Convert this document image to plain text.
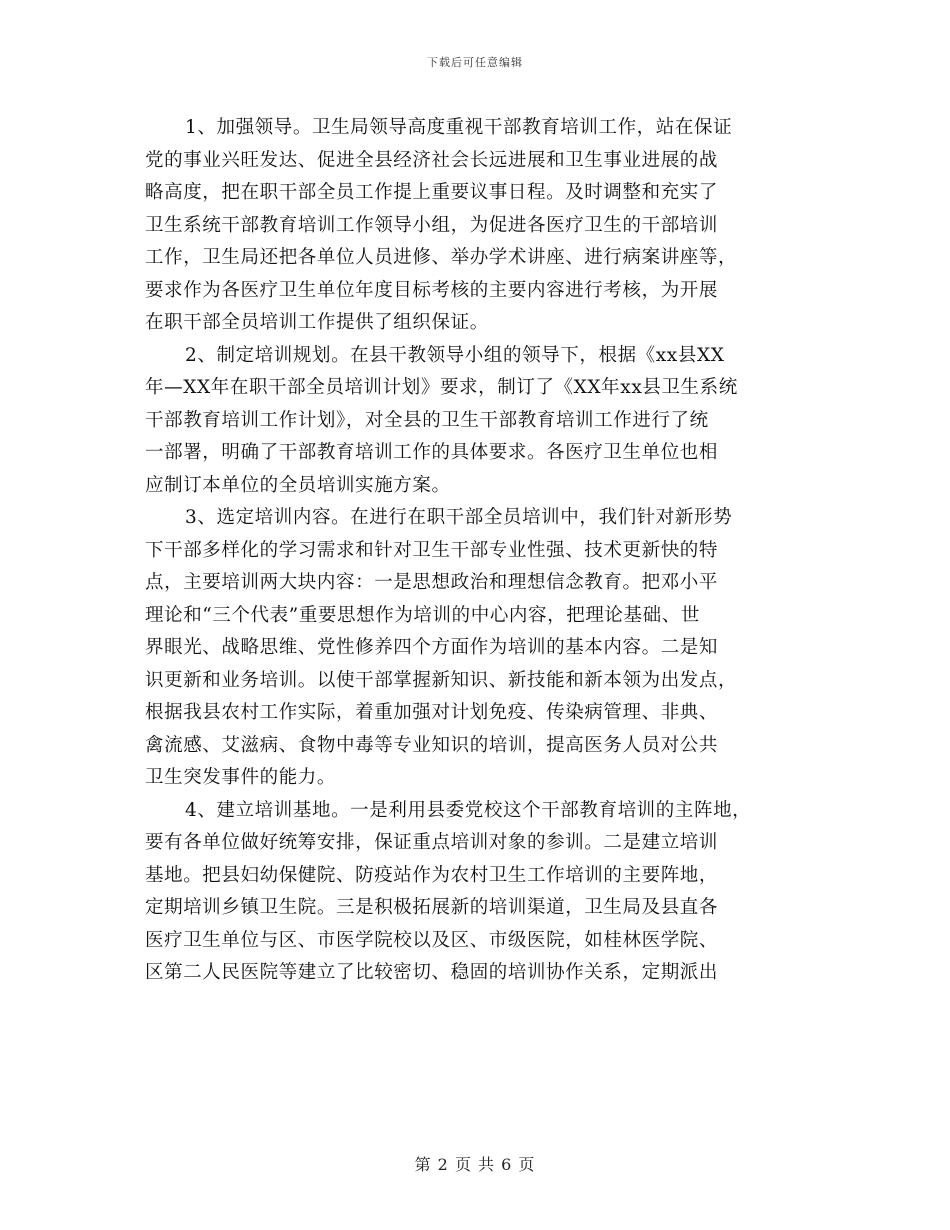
下载后可任意编辑
1、加强领导。卫生局领导高度重视干部教育培训工作，站在保证
党的事业兴旺发达、促进全县经济社会长远进展和卫生事业进展的战
略高度，把在职干部全员工作提上重要议事日程。及时调整和充实了
卫生系统干部教育培训工作领导小组，为促进各医疗卫生的干部培训
工作，卫生局还把各单位人员进修、举办学术讲座、进行病案讲座等，
要求作为各医疗卫生单位年度目标考核的主要内容进行考核，为开展
在职干部全员培训工作提供了组织保证。
2、制定培训规划。在县干教领导小组的领导下，根据《xx县XX
年—XX年在职干部全员培训计划》要求，制订了《XX年xx县卫生系统
干部教育培训工作计划》，对全县的卫生干部教育培训工作进行了统
一部署，明确了干部教育培训工作的具体要求。各医疗卫生单位也相
应制订本单位的全员培训实施方案。
3、选定培训内容。在进行在职干部全员培训中，我们针对新形势
下干部多样化的学习需求和针对卫生干部专业性强、技术更新快的特
点，主要培训两大块内容：一是思想政治和理想信念教育。把邓小平
理论和“三个代表”重要思想作为培训的中心内容，把理论基础、世
界眼光、战略思维、党性修养四个方面作为培训的基本内容。二是知
识更新和业务培训。以使干部掌握新知识、新技能和新本领为出发点，
根据我县农村工作实际，着重加强对计划免疫、传染病管理、非典、
禽流感、艾滋病、食物中毒等专业知识的培训，提高医务人员对公共
卫生突发事件的能力。
4、建立培训基地。一是利用县委党校这个干部教育培训的主阵地，
要有各单位做好统筹安排，保证重点培训对象的参训。二是建立培训
基地。把县妇幼保健院、防疫站作为农村卫生工作培训的主要阵地，
定期培训乡镇卫生院。三是积极拓展新的培训渠道，卫生局及县直各
医疗卫生单位与区、市医学院校以及区、市级医院，如桂林医学院、
区第二人民医院等建立了比较密切、稳固的培训协作关系，定期派出
第 2 页 共 6 页
